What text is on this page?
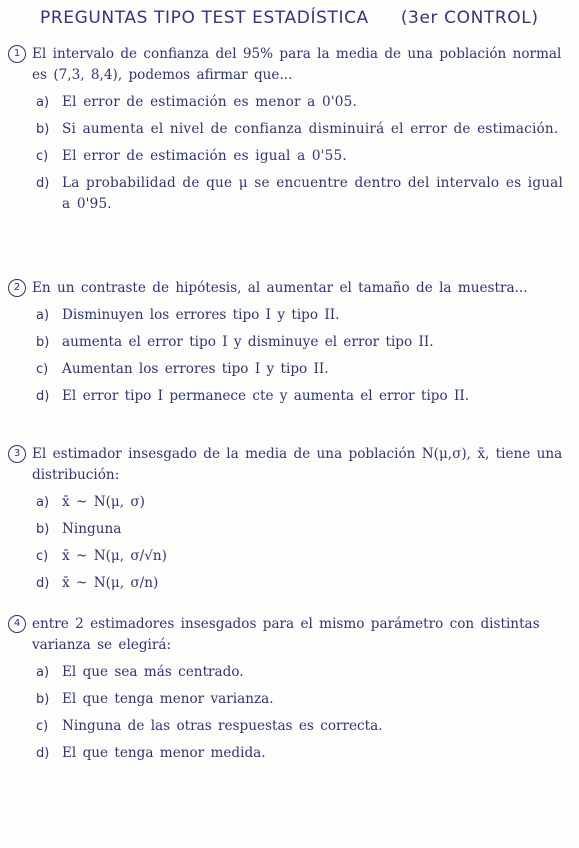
PREGUNTAS TIPO TEST ESTADÍSTICA (3er CONTROL)
1 El intervalo de confianza del 95% para la media de una población normal es (7,3, 8,4), podemos afirmar que...
a) El error de estimación es menor a 0'05.
b) Si aumenta el nivel de confianza disminuirá el error de estimación.
c)	El error de estimación es igual a 0'55.
d) La probabilidad de que μ se encuentre dentro del intervalo es igual a 0'95.
2 En un contraste de hipótesis, al aumentar el tamaño de la muestra...
a) Disminuyen los errores tipo I y tipo II.
b) aumenta el error tipo I y disminuye el error tipo II.
c)	Aumentan los errores tipo I y tipo II.
d) El error tipo I permanece cte y aumenta el error tipo II.
3 El estimador insesgado de la media de una población N(μ,σ), x̄, tiene una distribución:
a) x̄ ~ N(μ, σ)
b) Ninguna
c)	x̄ ~ N(μ, σ/√n)
d) x̄ ~ N(μ, σ/n)
4 entre 2 estimadores insesgados para el mismo parámetro con distintas varianza se elegirá:
a) El que sea más centrado.
b) El que tenga menor varianza.
c)	Ninguna de las otras respuestas es correcta.
d) El que tenga menor medida.
